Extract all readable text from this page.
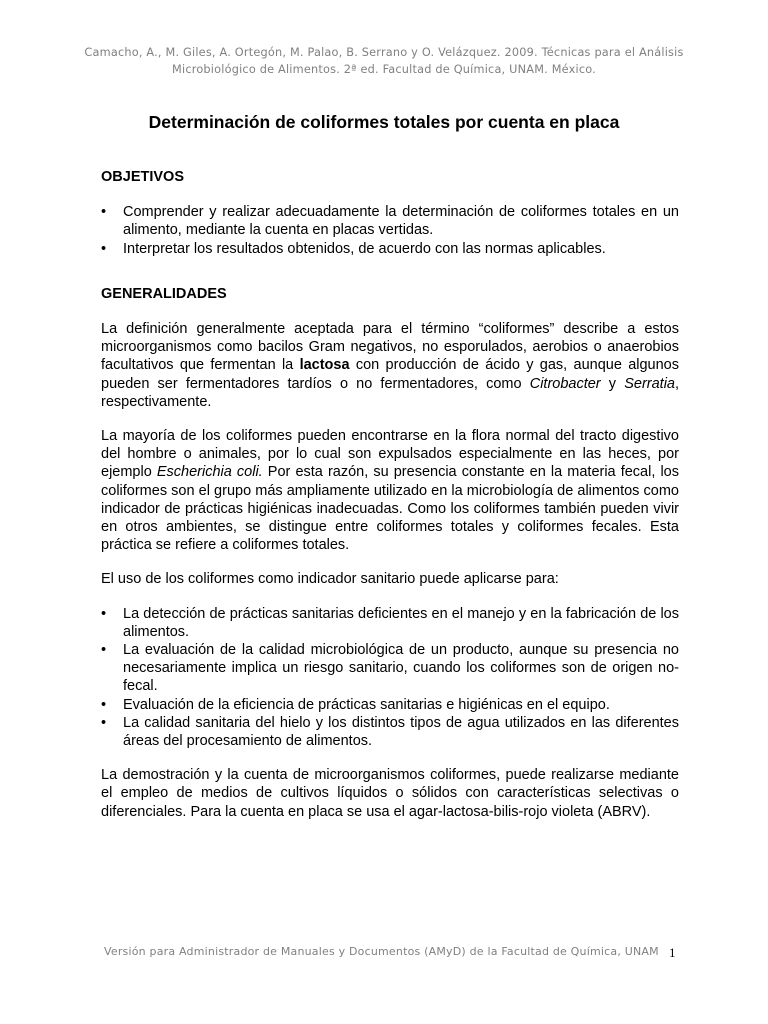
Camacho, A., M. Giles, A. Ortegón, M. Palao, B. Serrano y O. Velázquez. 2009. Técnicas para el Análisis
Microbiológico de Alimentos. 2ª ed. Facultad de Química, UNAM. México.
Determinación de coliformes totales por cuenta en placa
OBJETIVOS
• Comprender y realizar adecuadamente la determinación de coliformes totales en un alimento, mediante la cuenta en placas vertidas.
• Interpretar los resultados obtenidos, de acuerdo con las normas aplicables.
GENERALIDADES

La definición generalmente aceptada para el término “coliformes” describe a estos microorganismos como bacilos Gram negativos, no esporulados, aerobios o anaerobios facultativos que fermentan la lactosa con producción de ácido y gas, aunque algunos pueden ser fermentadores tardíos o no fermentadores, como Citrobacter y Serratia, respectivamente.

La mayoría de los coliformes pueden encontrarse en la flora normal del tracto digestivo del hombre o animales, por lo cual son expulsados especialmente en las heces, por ejemplo Escherichia coli. Por esta razón, su presencia constante en la materia fecal, los coliformes son el grupo más ampliamente utilizado en la microbiología de alimentos como indicador de prácticas higiénicas inadecuadas. Como los coliformes también pueden vivir en otros ambientes, se distingue entre coliformes totales y coliformes fecales. Esta práctica se refiere a coliformes totales.

El uso de los coliformes como indicador sanitario puede aplicarse para:

• La detección de prácticas sanitarias deficientes en el manejo y en la fabricación de los alimentos.
• La evaluación de la calidad microbiológica de un producto, aunque su presencia no necesariamente implica un riesgo sanitario, cuando los coliformes son de origen no-fecal.
• Evaluación de la eficiencia de prácticas sanitarias e higiénicas en el equipo.
• La calidad sanitaria del hielo y los distintos tipos de agua utilizados en las diferentes áreas del procesamiento de alimentos.

La demostración y la cuenta de microorganismos coliformes, puede realizarse mediante el empleo de medios de cultivos líquidos o sólidos con características selectivas o diferenciales. Para la cuenta en placa se usa el agar-lactosa-bilis-rojo violeta (ABRV).

Versión para Administrador de Manuales y Documentos (AMyD) de la Facultad de Química, UNAM 1
